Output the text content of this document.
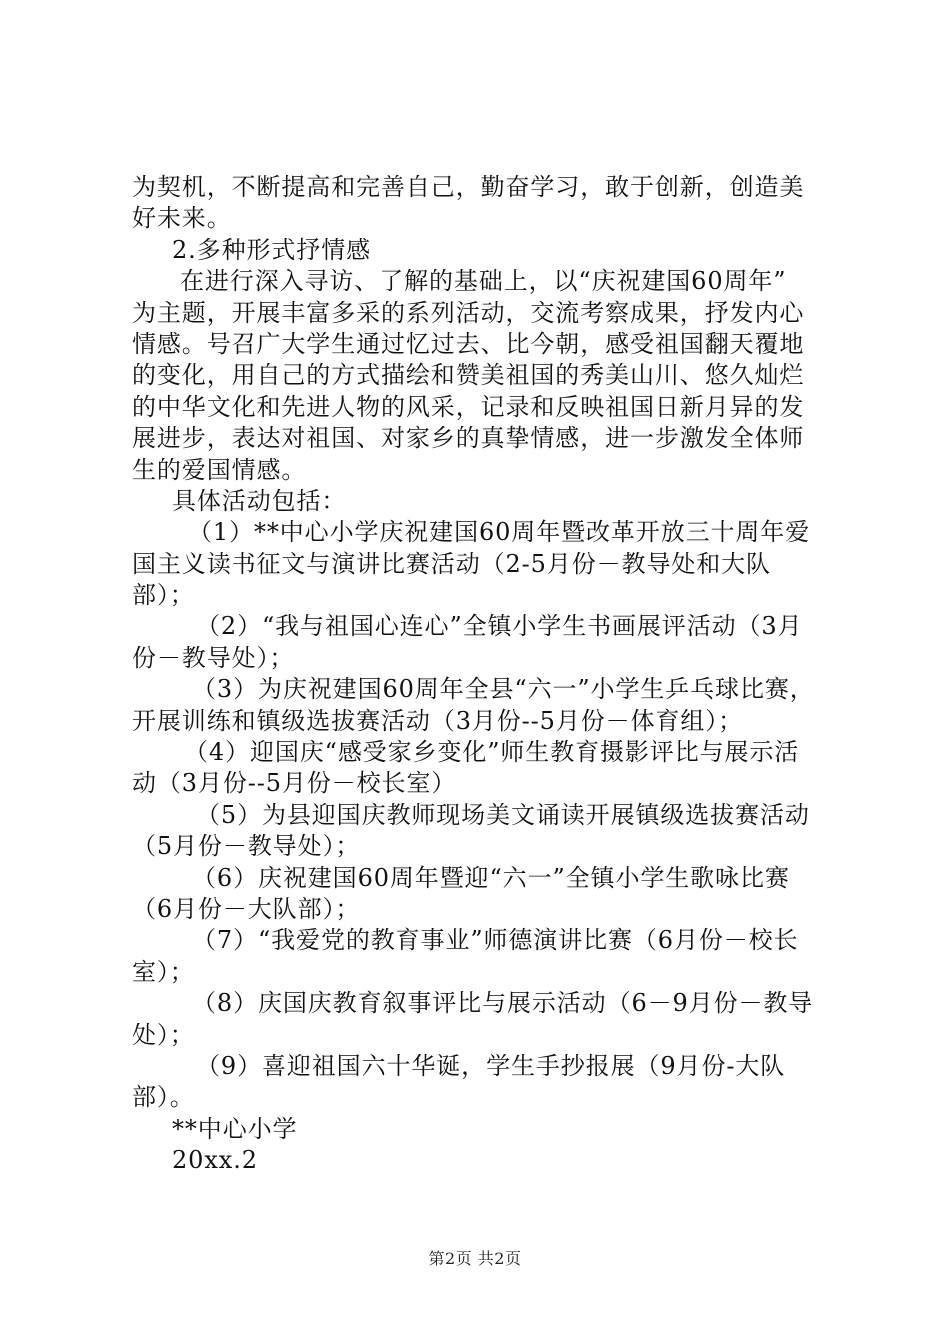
为契机，不断提高和完善自己，勤奋学习，敢于创新，创造美
好未来。
2.多种形式抒情感
在进行深入寻访、了解的基础上，以“庆祝建国60周年”
为主题，开展丰富多采的系列活动，交流考察成果，抒发内心
情感。号召广大学生通过忆过去、比今朝，感受祖国翻天覆地
的变化，用自己的方式描绘和赞美祖国的秀美山川、悠久灿烂
的中华文化和先进人物的风采，记录和反映祖国日新月异的发
展进步，表达对祖国、对家乡的真挚情感，进一步激发全体师
生的爱国情感。
具体活动包括：
（1）**中心小学庆祝建国60周年暨改革开放三十周年爱
国主义读书征文与演讲比赛活动（2-5月份－教导处和大队
部）；
（2）“我与祖国心连心”全镇小学生书画展评活动（3月
份－教导处）；
（3）为庆祝建国60周年全县“六一”小学生乒乓球比赛，
开展训练和镇级选拔赛活动（3月份--5月份－体育组）；
（4）迎国庆“感受家乡变化”师生教育摄影评比与展示活
动（3月份--5月份－校长室）
（5）为县迎国庆教师现场美文诵读开展镇级选拔赛活动
（5月份－教导处）；
（6）庆祝建国60周年暨迎“六一”全镇小学生歌咏比赛
（6月份－大队部）；
（7）“我爱党的教育事业”师德演讲比赛（6月份－校长
室）；
（8）庆国庆教育叙事评比与展示活动（6－9月份－教导
处）；
（9）喜迎祖国六十华诞，学生手抄报展（9月份-大队
部）。
**中心小学
20xx.2
第2页 共2页
